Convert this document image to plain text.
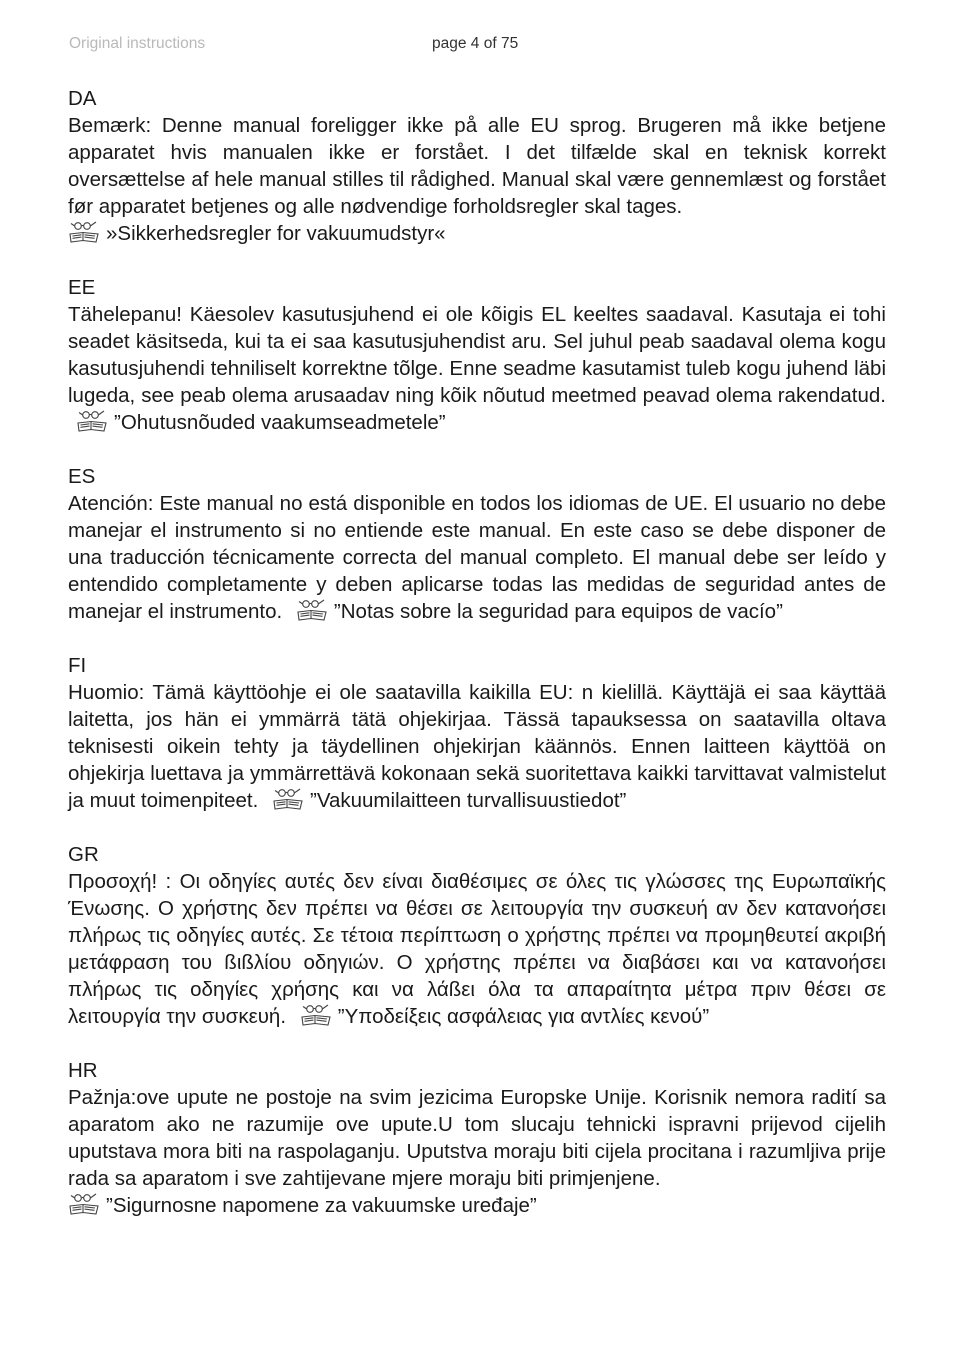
Original instructions	page 4 of 75
DA

Bemærk: Denne manual foreligger ikke på alle EU sprog. Brugeren må ikke betjene apparatet hvis manualen ikke er forstået. I det tilfælde skal en teknisk korrekt oversættelse af hele manual stilles til rådighed. Manual skal være gennemlæst og forstået før apparatet betjenes og alle nødvendige forholdsregler skal tages.

»Sikkerhedsregler for vakuumudstyr«

EE

Tähelepanu! Käesolev kasutusjuhend ei ole kõigis EL keeltes saadaval. Kasutaja ei tohi seadet käsitseda, kui ta ei saa kasutusjuhendist aru. Sel juhul peab saadaval olema kogu kasutusjuhendi tehniliselt korrektne tõlge. Enne seadme kasutamist tuleb kogu juhend läbi lugeda, see peab olema arusaadav ning kõik nõutud meetmed peavad olema rakendatud.
”Ohutusnõuded vaakumseadmetele”

ES

Atención: Este manual no está disponible en todos los idiomas de UE. El usuario no debe manejar el instrumento si no entiende este manual. En este caso se debe disponer de una traducción técnicamente correcta del manual completo. El manual debe ser leído y entendido completamente y deben aplicarse todas las medidas de seguridad antes de manejar el instrumento.	”Notas sobre la seguridad para equipos de vacío”

FI

Huomio: Tämä käyttöohje ei ole saatavilla kaikilla EU: n kielillä. Käyttäjä ei saa käyttää laitetta, jos hän ei ymmärrä tätä ohjekirjaa. Tässä tapauksessa on saatavilla oltava teknisesti oikein tehty ja täydellinen ohjekirjan käännös. Ennen laitteen käyttöä on ohjekirja luettava ja ymmärrettävä kokonaan sekä suoritettava kaikki tarvittavat valmistelut ja muut toimenpiteet.	”Vakuumilaitteen turvallisuustiedot”

GR

Προσοχή! : Οι οδηγίες αυτές δεν είναι διαθέσιμες σε όλες τις γλώσσες της Ευρωπαϊκής Ένωσης. Ο χρήστης δεν πρέπει να θέσει σε λειτουργία την συσκευή αν δεν κατανοήσει πλήρως τις οδηγίες αυτές. Σε τέτοια περίπτωση ο χρήστης πρέπει να προμηθευτεί ακριβή μετάφραση του ßιßλίου οδηγιών. Ο χρήστης πρέπει να διαβάσει και να κατανοήσει πλήρως τις οδηγίες χρήσης και να λάßει όλα τα απαραίτητα μέτρα πριν θέσει σε λειτουργία την συσκευή.	”Υποδείξεις ασφάλειας για αντλίες κενού”

HR

Pažnja:ove upute ne postoje na svim jezicima Europske Unije. Korisnik nemora radití sa aparatom ako ne razumije ove upute.U tom slucaju tehnicki ispravni prijevod cijelih uputstava mora biti na raspolaganju. Uputstva moraju biti cijela procitana i razumljiva prije rada sa aparatom i sve zahtijevane mjere moraju biti primjenjene.

”Sigurnosne napomene za vakuumske uređaje”
